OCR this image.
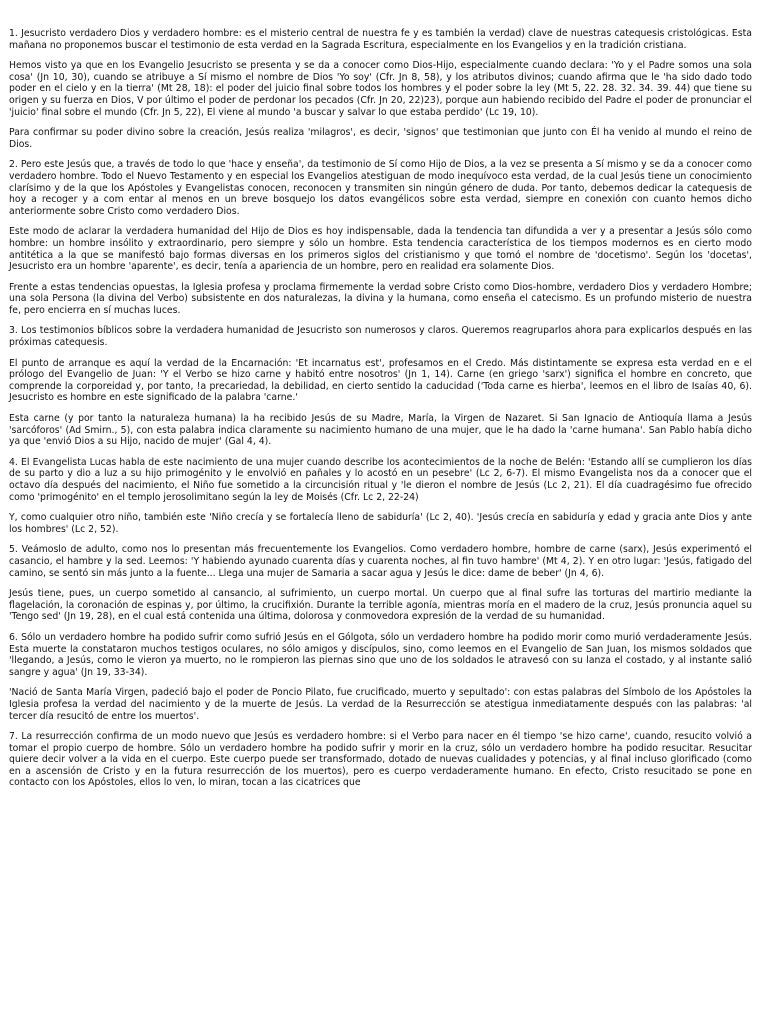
1. Jesucristo verdadero Dios y verdadero hombre: es el misterio central de nuestra fe y es también la verdad) clave de nuestras catequesis cristológicas. Esta mañana no proponemos buscar el testimonio de esta verdad en la Sagrada Escritura, especialmente en los Evangelios y en la tradición cristiana.

Hemos visto ya que en los Evangelio Jesucristo se presenta y se da a conocer como Dios-Hijo, especialmente cuando declara: 'Yo y el Padre somos una sola cosa' (Jn 10, 30), cuando se atribuye a Sí mismo el nombre de Dios 'Yo soy' (Cfr. Jn 8, 58), y los atributos divinos; cuando afirma que le 'ha sido dado todo poder en el cielo y en la tierra' (Mt 28, 18): el poder del juicio final sobre todos los hombres y el poder sobre la ley (Mt 5, 22. 28. 32. 34. 39. 44) que tiene su origen y su fuerza en Dios, V por último el poder de perdonar los pecados (Cfr. Jn 20, 22)23), porque aun habiendo recibido del Padre el poder de pronunciar el 'juicio' final sobre el mundo (Cfr. Jn 5, 22), El viene al mundo 'a buscar y salvar lo que estaba perdido' (Lc 19, 10).

Para confirmar su poder divino sobre la creación, Jesús realiza 'milagros', es decir, 'signos' que testimonian que junto con Él ha venido al mundo el reino de Dios.

2. Pero este Jesús que, a través de todo lo que 'hace y enseña', da testimonio de Sí como Hijo de Dios, a la vez se presenta a Sí mismo y se da a conocer como verdadero hombre. Todo el Nuevo Testamento y en especial los Evangelios atestiguan de modo inequívoco esta verdad, de la cual Jesús tiene un conocimiento clarísimo y de la que los Apóstoles y Evangelistas conocen, reconocen y transmiten sin ningún género de duda. Por tanto, debemos dedicar la catequesis de hoy a recoger y a com entar al menos en un breve bosquejo los datos evangélicos sobre esta verdad, siempre en conexión con cuanto hemos dicho anteriormente sobre Cristo como verdadero Dios.

Este modo de aclarar la verdadera humanidad del Hijo de Dios es hoy indispensable, dada la tendencia tan difundida a ver y a presentar a Jesús sólo como hombre: un hombre insólito y extraordinario, pero siempre y sólo un hombre. Esta tendencia característica de los tiempos modernos es en cierto modo antitética a la que se manifestó bajo formas diversas en los primeros siglos del cristianismo y que tomó el nombre de 'docetismo'. Según los 'docetas', Jesucristo era un hombre 'aparente', es decir, tenía a apariencia de un hombre, pero en realidad era solamente Dios.

Frente a estas tendencias opuestas, la Iglesia profesa y proclama firmemente la verdad sobre Cristo como Dios-hombre, verdadero Dios y verdadero Hombre; una sola Persona (la divina del Verbo) subsistente en dos naturalezas, la divina y la humana, como enseña el catecismo. Es un profundo misterio de nuestra fe, pero encierra en sí muchas luces.

3. Los testimonios bíblicos sobre la verdadera humanidad de Jesucristo son numerosos y claros. Queremos reagruparlos ahora para explicarlos después en las próximas catequesis.

El punto de arranque es aquí la verdad de la Encarnación: 'Et incarnatus est', profesamos en el Credo. Más distintamente se expresa esta verdad en e el prólogo del Evangelio de Juan: 'Y el Verbo se hizo carne y habitó entre nosotros' (Jn 1, 14). Carne (en griego 'sarx') significa el hombre en concreto, que comprende la corporeidad y, por tanto, !a precariedad, la debilidad, en cierto sentido la caducidad ('Toda carne es hierba', leemos en el libro de Isaías 40, 6). Jesucristo es hombre en este significado de la palabra 'carne.'

Esta carne (y por tanto la naturaleza humana) la ha recibido Jesús de su Madre, María, la Virgen de Nazaret. Si San Ignacio de Antioquía llama a Jesús 'sarcóforos' (Ad Smirn., 5), con esta palabra indica claramente su nacimiento humano de una mujer, que le ha dado la 'carne humana'. San Pablo había dicho ya que 'envió Dios a su Hijo, nacido de mujer' (Gal 4, 4).

4. El Evangelista Lucas habla de este nacimiento de una mujer cuando describe los acontecimientos de la noche de Belén: 'Estando allí se cumplieron los días de su parto y dio a luz a su hijo primogénito y le envolvió en pañales y lo acostó en un pesebre' (Lc 2, 6-7). El mismo Evangelista nos da a conocer que el octavo día después del nacimiento, el Niño fue sometido a la circuncisión ritual y 'le dieron el nombre de Jesús (Lc 2, 21). El día cuadragésimo fue ofrecido como 'primogénito' en el templo jerosolimitano según la ley de Moisés (Cfr. Lc 2, 22-24)

Y, como cualquier otro niño, también este 'Niño crecía y se fortalecía lleno de sabiduría' (Lc 2, 40). 'Jesús crecía en sabiduría y edad y gracia ante Dios y ante los hombres' (Lc 2, 52).

5. Veámoslo de adulto, como nos lo presentan más frecuentemente los Evangelios. Como verdadero hombre, hombre de carne (sarx), Jesús experimentó el casancio, el hambre y la sed. Leemos: 'Y habiendo ayunado cuarenta días y cuarenta noches, al fin tuvo hambre' (Mt 4, 2). Y en otro lugar: 'Jesús, fatigado del camino, se sentó sin más junto a la fuente... Llega una mujer de Samaria a sacar agua y Jesús le dice: dame de beber' (Jn 4, 6).

Jesús tiene, pues, un cuerpo sometido al cansancio, al sufrimiento, un cuerpo mortal. Un cuerpo que al final sufre las torturas del martirio mediante la flagelación, la coronación de espinas y, por último, la crucifixión. Durante la terrible agonía, mientras moría en el madero de la cruz, Jesús pronuncia aquel su 'Tengo sed' (Jn 19, 28), en el cual está contenida una última, dolorosa y conmovedora expresión de la verdad de su humanidad.

6. Sólo un verdadero hombre ha podido sufrir como sufrió Jesús en el Gólgota, sólo un verdadero hombre ha podido morir como murió verdaderamente Jesús. Esta muerte la constataron muchos testigos oculares, no sólo amigos y discípulos, sino, como leemos en el Evangelio de San Juan, los mismos soldados que 'llegando, a Jesús, como le vieron ya muerto, no le rompieron las piernas sino que uno de los soldados le atravesó con su lanza el costado, y al instante salió sangre y agua' (Jn 19, 33-34).

'Nació de Santa María Virgen, padeció bajo el poder de Poncio Pilato, fue crucificado, muerto y sepultado': con estas palabras del Símbolo de los Apóstoles la Iglesia profesa la verdad del nacimiento y de la muerte de Jesús. La verdad de la Resurrección se atestigua inmediatamente después con las palabras: 'al tercer día resucitó de entre los muertos'.

7. La resurrección confirma de un modo nuevo que Jesús es verdadero hombre: si el Verbo para nacer en él tiempo 'se hizo carne', cuando, resucito volvió a tomar el propio cuerpo de hombre. Sólo un verdadero hombre ha podido sufrir y morir en la cruz, sólo un verdadero hombre ha podido resucitar. Resucitar quiere decir volver a la vida en el cuerpo. Este cuerpo puede ser transformado, dotado de nuevas cualidades y potencias, y al final incluso glorificado (como en a ascensión de Cristo y en la futura resurrección de los muertos), pero es cuerpo verdaderamente humano. En efecto, Cristo resucitado se pone en contacto con los Apóstoles, ellos lo ven, lo miran, tocan a las cicatrices que
